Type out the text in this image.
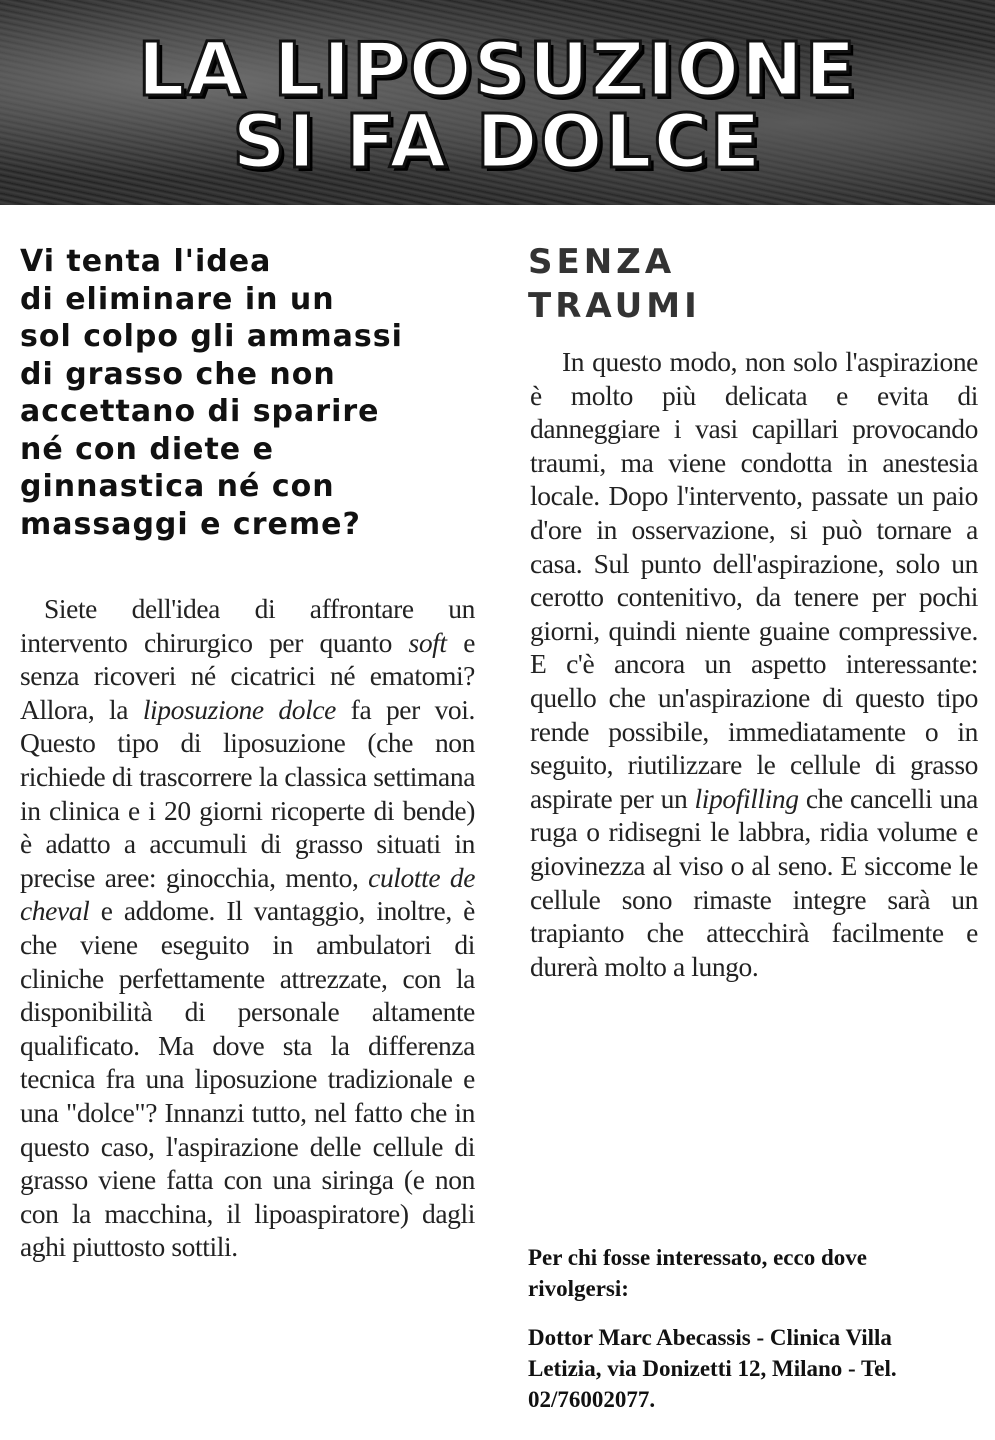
LA LIPOSUZIONE
SI FA DOLCE
Vi tenta l'idea
di eliminare in un
sol colpo gli ammassi
di grasso che non
accettano di sparire
né con diete e
ginnastica né con
massaggi e creme?

Siete dell'idea di affrontare un intervento chirurgico per quanto soft e senza ricoveri né cicatrici né ematomi? Allora, la liposuzione dolce fa per voi. Questo tipo di liposuzione (che non richiede di trascorrere la classica settimana in clinica e i 20 giorni ricoperte di bende) è adatto a accumuli di grasso situati in precise aree: ginocchia, mento, culotte de cheval e addome. Il vantaggio, inoltre, è che viene eseguito in ambulatori di cliniche perfettamente attrezzate, con la disponibilità di personale altamente qualificato. Ma dove sta la differenza tecnica fra una liposuzione tradizionale e una "dolce"? Innanzi tutto, nel fatto che in questo caso, l'aspirazione delle cellule di grasso viene fatta con una siringa (e non con la macchina, il lipoaspiratore) dagli aghi piuttosto sottili.

SENZA
TRAUMI

In questo modo, non solo l'aspirazione è molto più delicata e evita di danneggiare i vasi capillari provocando traumi, ma viene condotta in anestesia locale. Dopo l'intervento, passate un paio d'ore in osservazione, si può tornare a casa. Sul punto dell'aspirazione, solo un cerotto contenitivo, da tenere per pochi giorni, quindi niente guaine compressive. E c'è ancora un aspetto interessante: quello che un'aspirazione di questo tipo rende possibile, immediatamente o in seguito, riutilizzare le cellule di grasso aspirate per un lipofilling che cancelli una ruga o ridisegni le labbra, ridia volume e giovinezza al viso o al seno. E siccome le cellule sono rimaste integre sarà un trapianto che attecchirà facilmente e durerà molto a lungo.

Per chi fosse interessato, ecco dove rivolgersi:

Dottor Marc Abecassis - Clinica Villa Letizia, via Donizetti 12, Milano - Tel. 02/76002077.
